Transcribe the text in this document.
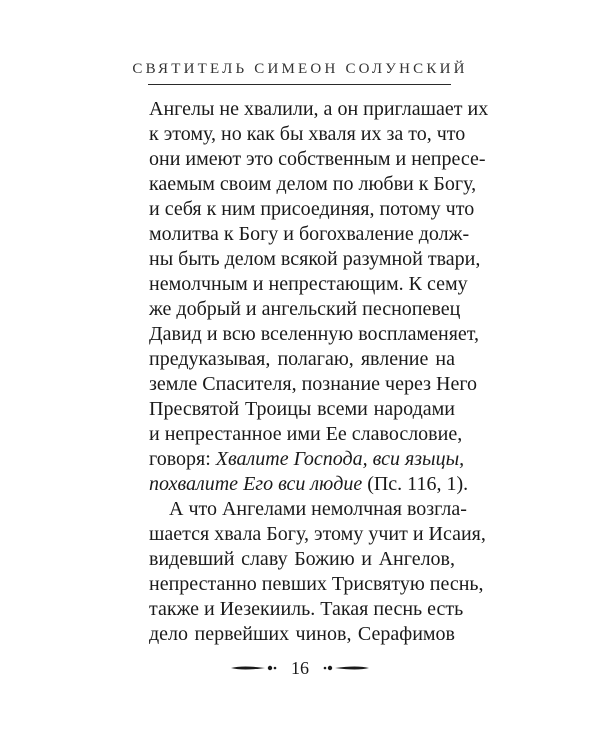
СВЯТИТЕЛЬ СИМЕОН СОЛУНСКИЙ
Ангелы не хвалили, а он приглашает их
к этому, но как бы хваля их за то, что
они имеют это собственным и непресе-
каемым своим делом по любви к Богу,
и себя к ним присоединяя, потому что
молитва к Богу и богохваление долж-
ны быть делом всякой разумной твари,
немолчным и непрестающим. К сему
же добрый и ангельский песнопевец
Давид и всю вселенную воспламеняет,
предуказывая, полагаю, явление на
земле Спасителя, познание через Него
Пресвятой Троицы всеми народами
и непрестанное ими Ее славословие,
говоря: Хвалите Господа, вси языцы,
похвалите Его вси людие (Пс. 116, 1).
А что Ангелами немолчная возгла-
шается хвала Богу, этому учит и Исаия,
видевший славу Божию и Ангелов,
непрестанно певших Трисвятую песнь,
также и Иезекииль. Такая песнь есть
дело первейших чинов, Серафимов
16
